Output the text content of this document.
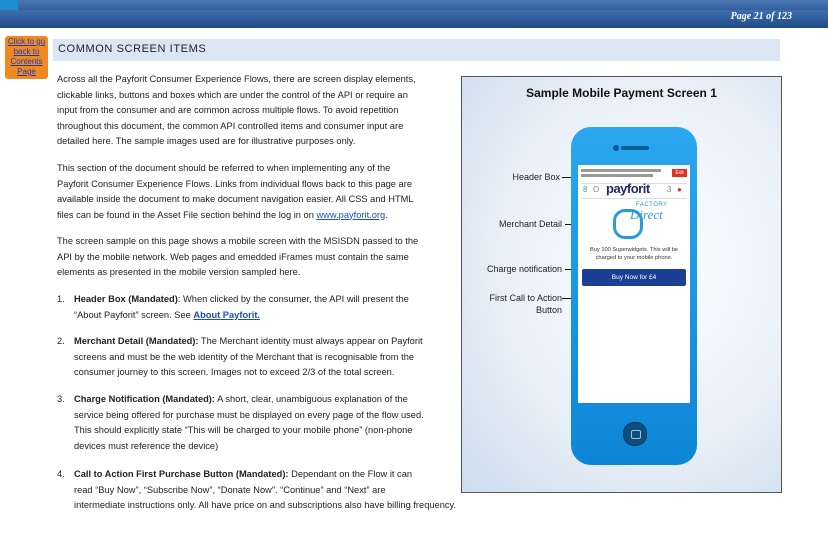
Page 21 of 123
Click to go
back to
Contents
Page
COMMON SCREEN ITEMS
Across all the Payforit Consumer Experience Flows, there are screen display elements,
clickable links, buttons and boxes which are under the control of the API or require an
input from the consumer and are common across multiple flows. To avoid repetition
throughout this document, the common API controlled items and consumer input are
detailed here. The sample images used are for illustrative purposes only.
This section of the document should be referred to when implementing any of the
Payforit Consumer Experience Flows. Links from individual flows back to this page are
available inside the document to make document navigation easier. All CSS and HTML
files can be found in the Asset File section behind the log in on www.payforit.org.
The screen sample on this page shows a mobile screen with the MSISDN passed to the
API by the mobile network. Web pages and emedded iFrames must contain the same
elements as presented in the mobile version sampled here.
1. Header Box (Mandated): When clicked by the consumer, the API will present the
“About Payforit” screen. See About Payforit.
2. Merchant Detail (Mandated): The Merchant identity must always appear on Payforit
screens and must be the web identity of the Merchant that is recognisable from the
consumer journey to this screen. Images not to exceed 2/3 of the total screen.
3. Charge Notification (Mandated): A short, clear, unambiguous explanation of the
service being offered for purchase must be displayed on every page of the flow used.
This should explicitly state “This will be charged to your mobile phone” (non-phone
devices must reference the device)
4. Call to Action First Purchase Button (Mandated): Dependant on the Flow it can
read “Buy Now”, “Subscribe Now”, “Donate Now”. “Continue” and “Next” are
intermediate instructions only. All have price on and subscriptions also have billing frequency.
Sample Mobile Payment Screen 1
Header Box
Merchant Detail
Charge notification
First Call to Action
Button
Exit
8 O payforit 3 ●
FACTORY
Direct
Buy 100 Superwidgets. This will be
charged to your mobile phone.
Buy Now for £4
